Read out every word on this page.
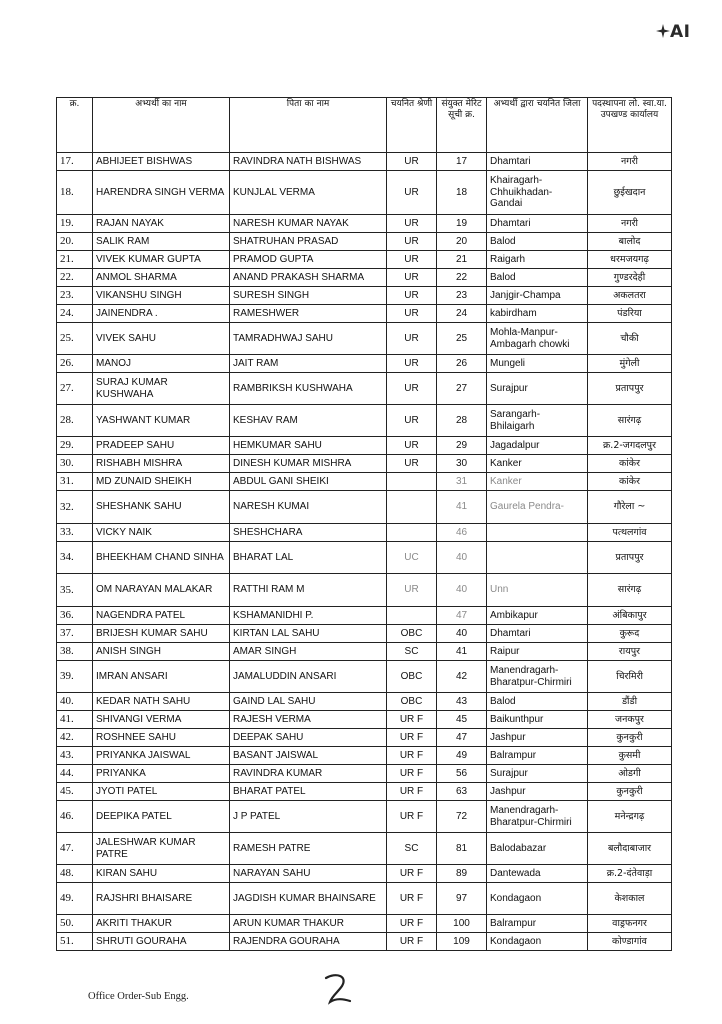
AI
क्र.	अभ्यर्थी का नाम	पिता का नाम	चयनित श्रेणी	संयुक्त मेरिट सूची क्र.	अभ्यर्थी द्वारा चयनित जिला	पदस्थापना लो. स्वा.या. उपखण्ड कार्यालय
17.	ABHIJEET BISHWAS	RAVINDRA NATH BISHWAS	UR	17	Dhamtari	नगरी
18.	HARENDRA SINGH VERMA	KUNJLAL VERMA	UR	18	Khairagarh-Chhuikhadan-Gandai	छुईखदान
19.	RAJAN NAYAK	NARESH KUMAR NAYAK	UR	19	Dhamtari	नगरी
20.	SALIK RAM	SHATRUHAN PRASAD	UR	20	Balod	बालोद
21.	VIVEK KUMAR GUPTA	PRAMOD GUPTA	UR	21	Raigarh	धरमजयगढ़
22.	ANMOL SHARMA	ANAND PRAKASH SHARMA	UR	22	Balod	गुण्डरदेही
23.	VIKANSHU SINGH	SURESH SINGH	UR	23	Janjgir-Champa	अकलतरा
24.	JAINENDRA .	RAMESHWER	UR	24	kabirdham	पंडरिया
25.	VIVEK SAHU	TAMRADHWAJ SAHU	UR	25	Mohla-Manpur-Ambagarh chowki	चौकी
26.	MANOJ	JAIT RAM	UR	26	Mungeli	मुंगेली
27.	SURAJ KUMAR KUSHWAHA	RAMBRIKSH KUSHWAHA	UR	27	Surajpur	प्रतापपुर
28.	YASHWANT KUMAR	KESHAV RAM	UR	28	Sarangarh-Bhilaigarh	सारंगढ़
29.	PRADEEP SAHU	HEMKUMAR SAHU	UR	29	Jagadalpur	क्र.2-जगदलपुर
30.	RISHABH MISHRA	DINESH KUMAR MISHRA	UR	30	Kanker	कांकेर
31.	MD ZUNAID SHEIKH	ABDUL GANI SHEIKI		31	Kanker	कांकेर
32.	SHESHANK SAHU	NARESH KUMAI		41	Gaurela Pendra-	गौरेला ~
33.	VICKY NAIK	SHESHCHARA		46		पत्थलगांव
34.	BHEEKHAM CHAND SINHA	BHARAT LAL	UC	40		प्रतापपुर
35.	OM NARAYAN MALAKAR	RATTHI RAM M	UR	40	Unn	सारंगढ़
36.	NAGENDRA PATEL	KSHAMANIDHI P.		47	Ambikapur	अंबिकापुर
37.	BRIJESH KUMAR SAHU	KIRTAN LAL SAHU	OBC	40	Dhamtari	कुरूद
38.	ANISH SINGH	AMAR SINGH	SC	41	Raipur	रायपुर
39.	IMRAN ANSARI	JAMALUDDIN ANSARI	OBC	42	Manendragarh-Bharatpur-Chirmiri	चिरमिरी
40.	KEDAR NATH SAHU	GAIND LAL SAHU	OBC	43	Balod	डौंडी
41.	SHIVANGI VERMA	RAJESH VERMA	UR F	45	Baikunthpur	जनकपुर
42.	ROSHNEE SAHU	DEEPAK SAHU	UR F	47	Jashpur	कुनकुरी
43.	PRIYANKA JAISWAL	BASANT JAISWAL	UR F	49	Balrampur	कुसमी
44.	PRIYANKA	RAVINDRA KUMAR	UR F	56	Surajpur	ओडगी
45.	JYOTI PATEL	BHARAT PATEL	UR F	63	Jashpur	कुनकुरी
46.	DEEPIKA PATEL	J P PATEL	UR F	72	Manendragarh-Bharatpur-Chirmiri	मनेन्द्रगढ़
47.	JALESHWAR KUMAR PATRE	RAMESH PATRE	SC	81	Balodabazar	बलौदाबाजार
48.	KIRAN SAHU	NARAYAN SAHU	UR F	89	Dantewada	क्र.2-दंतेवाड़ा
49.	RAJSHRI BHAISARE	JAGDISH KUMAR BHAINSARE	UR F	97	Kondagaon	केशकाल
50.	AKRITI THAKUR	ARUN KUMAR THAKUR	UR F	100	Balrampur	वाड्रफनगर
51.	SHRUTI GOURAHA	RAJENDRA GOURAHA	UR F	109	Kondagaon	कोण्डागांव
Office Order-Sub Engg.
